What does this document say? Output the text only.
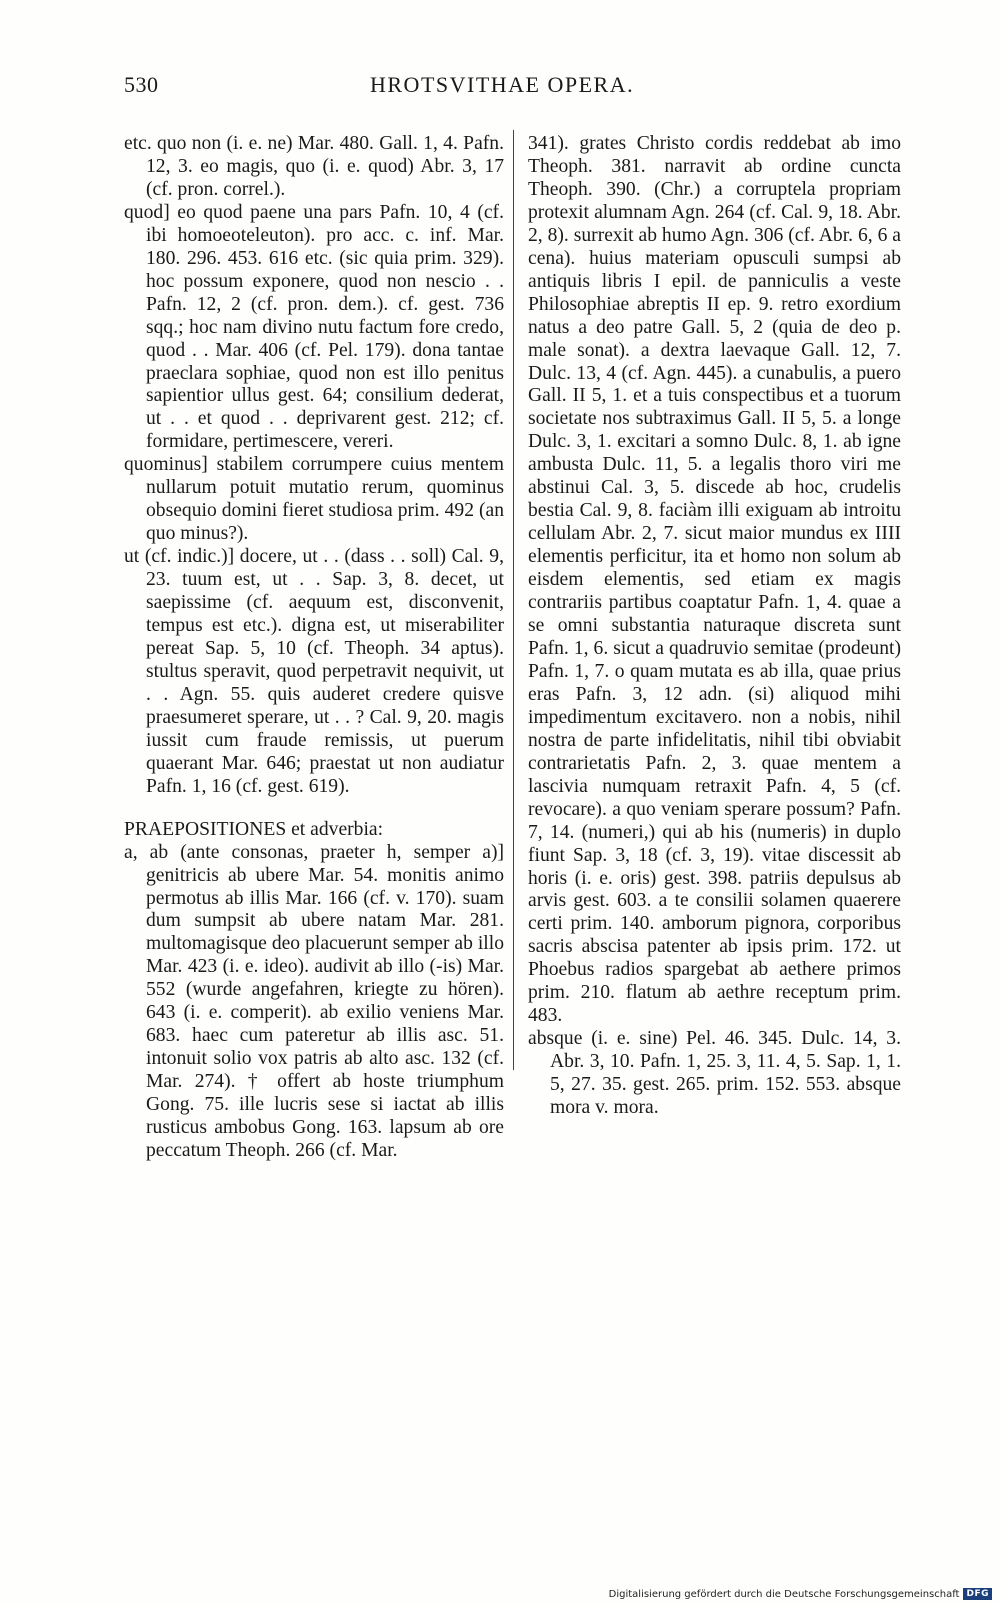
530	HROTSVITHAE OPERA.

etc. quo non (i. e. ne) Mar. 480. Gall. 1, 4. Pafn. 12, 3. eo magis, quo (i. e. quod) Abr. 3, 17 (cf. pron. correl.).

quod] eo quod paene una pars Pafn. 10, 4 (cf. ibi homoeoteleuton). pro acc. c. inf. Mar. 180. 296. 453. 616 etc. (sic quia prim. 329). hoc possum exponere, quod non nescio . . Pafn. 12, 2 (cf. pron. dem.). cf. gest. 736 sqq.; hoc nam divino nutu factum fore credo, quod . . Mar. 406 (cf. Pel. 179). dona tantae praeclara sophiae, quod non est illo penitus sapientior ullus gest. 64; consilium dederat, ut . . et quod . . deprivarent gest. 212; cf. formidare, pertimescere, vereri.

quominus] stabilem corrumpere cuius mentem nullarum potuit mutatio rerum, quominus obsequio domini fieret studiosa prim. 492 (an quo minus?).

ut (cf. indic.)] docere, ut . . (dass . . soll) Cal. 9, 23. tuum est, ut . . Sap. 3, 8. decet, ut saepissime (cf. aequum est, disconvenit, tempus est etc.). digna est, ut miserabiliter pereat Sap. 5, 10 (cf. Theoph. 34 aptus). stultus speravit, quod perpetravit nequivit, ut . . Agn. 55. quis auderet credere quisve praesumeret sperare, ut . . ? Cal. 9, 20. magis iussit cum fraude remissis, ut puerum quaerant Mar. 646; praestat ut non audiatur Pafn. 1, 16 (cf. gest. 619).

PRAEPOSITIONES et adverbia:

a, ab (ante consonas, praeter h, semper a)] genitricis ab ubere Mar. 54. monitis animo permotus ab illis Mar. 166 (cf. v. 170). suam dum sumpsit ab ubere natam Mar. 281. multomagisque deo placuerunt semper ab illo Mar. 423 (i. e. ideo). audivit ab illo (-is) Mar. 552 (wurde angefahren, kriegte zu hören). 643 (i. e. comperit). ab exilio veniens Mar. 683. haec cum pateretur ab illis asc. 51. intonuit solio vox patris ab alto asc. 132 (cf. Mar. 274). † offert ab hoste triumphum Gong. 75. ille lucris sese si iactat ab illis rusticus ambobus Gong. 163. lapsum ab ore peccatum Theoph. 266 (cf. Mar.

341). grates Christo cordis reddebat ab imo Theoph. 381. narravit ab ordine cuncta Theoph. 390. (Chr.) a corruptela propriam protexit alumnam Agn. 264 (cf. Cal. 9, 18. Abr. 2, 8). surrexit ab humo Agn. 306 (cf. Abr. 6, 6 a cena). huius materiam opusculi sumpsi ab antiquis libris I epil. de panniculis a veste Philosophiae abreptis II ep. 9. retro exordium natus a deo patre Gall. 5, 2 (quia de deo p. male sonat). a dextra laevaque Gall. 12, 7. Dulc. 13, 4 (cf. Agn. 445). a cunabulis, a puero Gall. II 5, 1. et a tuis conspectibus et a tuorum societate nos subtraximus Gall. II 5, 5. a longe Dulc. 3, 1. excitari a somno Dulc. 8, 1. ab igne ambusta Dulc. 11, 5. a legalis thoro viri me abstinui Cal. 3, 5. discede ab hoc, crudelis bestia Cal. 9, 8. faciàm illi exiguam ab introitu cellulam Abr. 2, 7. sicut maior mundus ex IIII elementis perficitur, ita et homo non solum ab eisdem elementis, sed etiam ex magis contrariis partibus coaptatur Pafn. 1, 4. quae a se omni substantia naturaque discreta sunt Pafn. 1, 6. sicut a quadruvio semitae (prodeunt) Pafn. 1, 7. o quam mutata es ab illa, quae prius eras Pafn. 3, 12 adn. (si) aliquod mihi impedimentum excitavero. non a nobis, nihil nostra de parte infidelitatis, nihil tibi obviabit contrarietatis Pafn. 2, 3. quae mentem a lascivia numquam retraxit Pafn. 4, 5 (cf. revocare). a quo veniam sperare possum? Pafn. 7, 14. (numeri,) qui ab his (numeris) in duplo fiunt Sap. 3, 18 (cf. 3, 19). vitae discessit ab horis (i. e. oris) gest. 398. patriis depulsus ab arvis gest. 603. a te consilii solamen quaerere certi prim. 140. amborum pignora, corporibus sacris abscisa patenter ab ipsis prim. 172. ut Phoebus radios spargebat ab aethere primos prim. 210. flatum ab aethre receptum prim. 483.

absque (i. e. sine) Pel. 46. 345. Dulc. 14, 3. Abr. 3, 10. Pafn. 1, 25. 3, 11. 4, 5. Sap. 1, 1. 5, 27. 35. gest. 265. prim. 152. 553. absque mora v. mora.

Digitalisierung gefördert durch die Deutsche Forschungsgemeinschaft DFG
